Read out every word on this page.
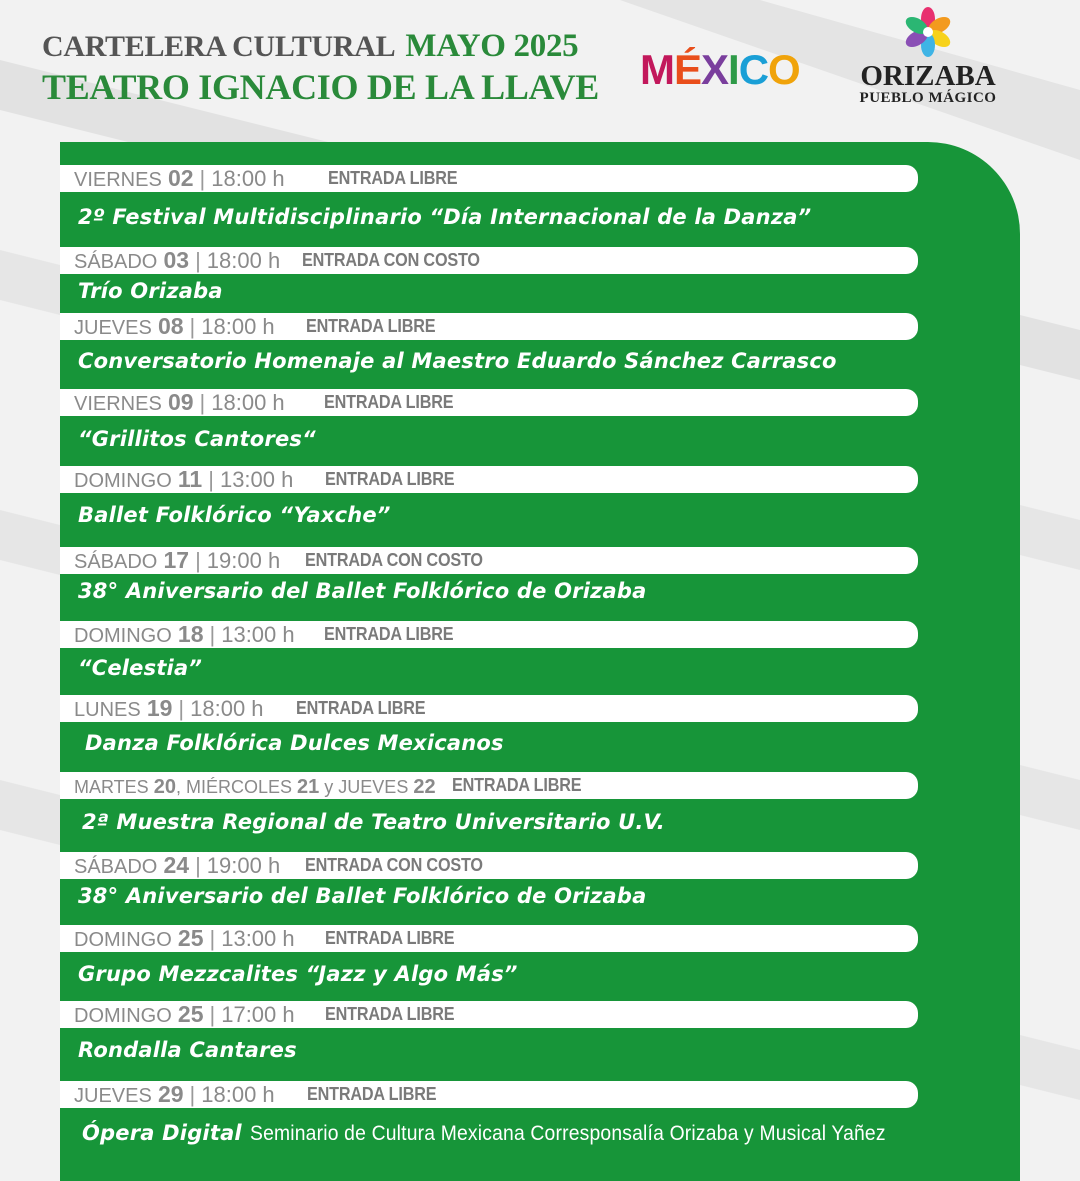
CARTELERA CULTURAL MAYO 2025
TEATRO IGNACIO DE LA LLAVE MÉXICO ORIZABA
PUEBLO MÁGICO
VIERNES 02 | 18:00 h ENTRADA LIBRE
2º Festival Multidisciplinario “Día Internacional de la Danza”
SÁBADO 03 | 18:00 h ENTRADA CON COSTO
Trío Orizaba
JUEVES 08 | 18:00 h ENTRADA LIBRE
Conversatorio Homenaje al Maestro Eduardo Sánchez Carrasco
VIERNES 09 | 18:00 h ENTRADA LIBRE
“Grillitos Cantores“
DOMINGO 11 | 13:00 h ENTRADA LIBRE
Ballet Folklórico “Yaxche”
SÁBADO 17 | 19:00 h ENTRADA CON COSTO
38° Aniversario del Ballet Folklórico de Orizaba
DOMINGO 18 | 13:00 h ENTRADA LIBRE
“Celestia”
LUNES 19 | 18:00 h ENTRADA LIBRE
Danza Folklórica Dulces Mexicanos
MARTES 20, MIÉRCOLES 21 y JUEVES 22 ENTRADA LIBRE
2ª Muestra Regional de Teatro Universitario U.V.
SÁBADO 24 | 19:00 h ENTRADA CON COSTO
38° Aniversario del Ballet Folklórico de Orizaba
DOMINGO 25 | 13:00 h ENTRADA LIBRE
Grupo Mezzcalites “Jazz y Algo Más”
DOMINGO 25 | 17:00 h ENTRADA LIBRE
Rondalla Cantares
JUEVES 29 | 18:00 h ENTRADA LIBRE
Ópera Digital Seminario de Cultura Mexicana Corresponsalía Orizaba y Musical Yañez
